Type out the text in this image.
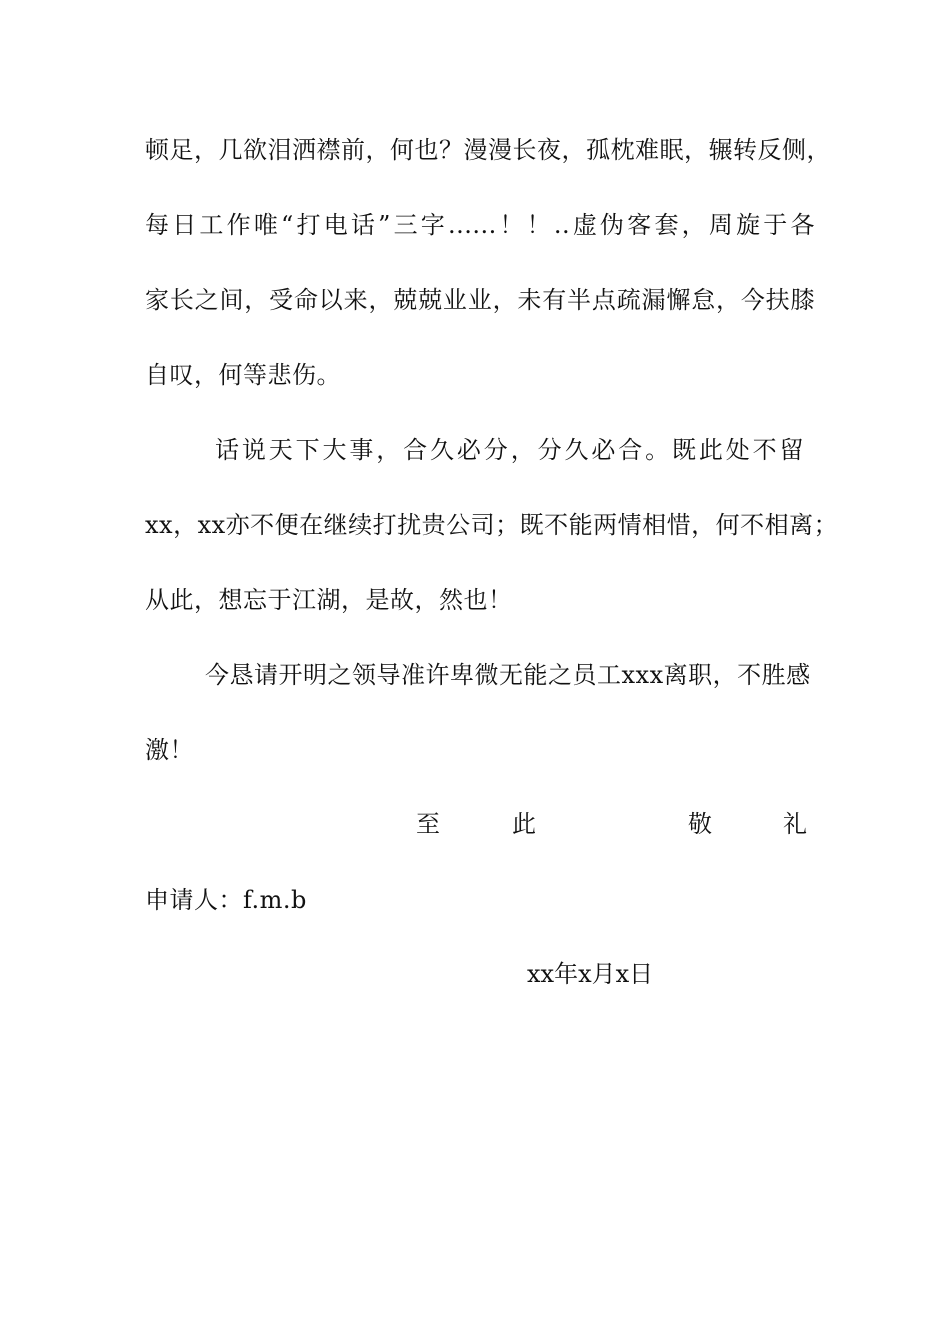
顿足，几欲泪洒襟前，何也？漫漫长夜，孤枕难眠，辗转反侧，
每日工作唯“打电话”三字......！！..虚伪客套，周旋于各
家长之间，受命以来，兢兢业业，未有半点疏漏懈怠，今扶膝
自叹，何等悲伤。
话说天下大事，合久必分，分久必合。既此处不留
xx，xx亦不便在继续打扰贵公司；既不能两情相惜，何不相离；
从此，想忘于江湖，是故，然也！
今恳请开明之领导准许卑微无能之员工xxx离职，不胜感
激！
至	此	敬	礼
申请人：f.m.b
xx年x月x日
